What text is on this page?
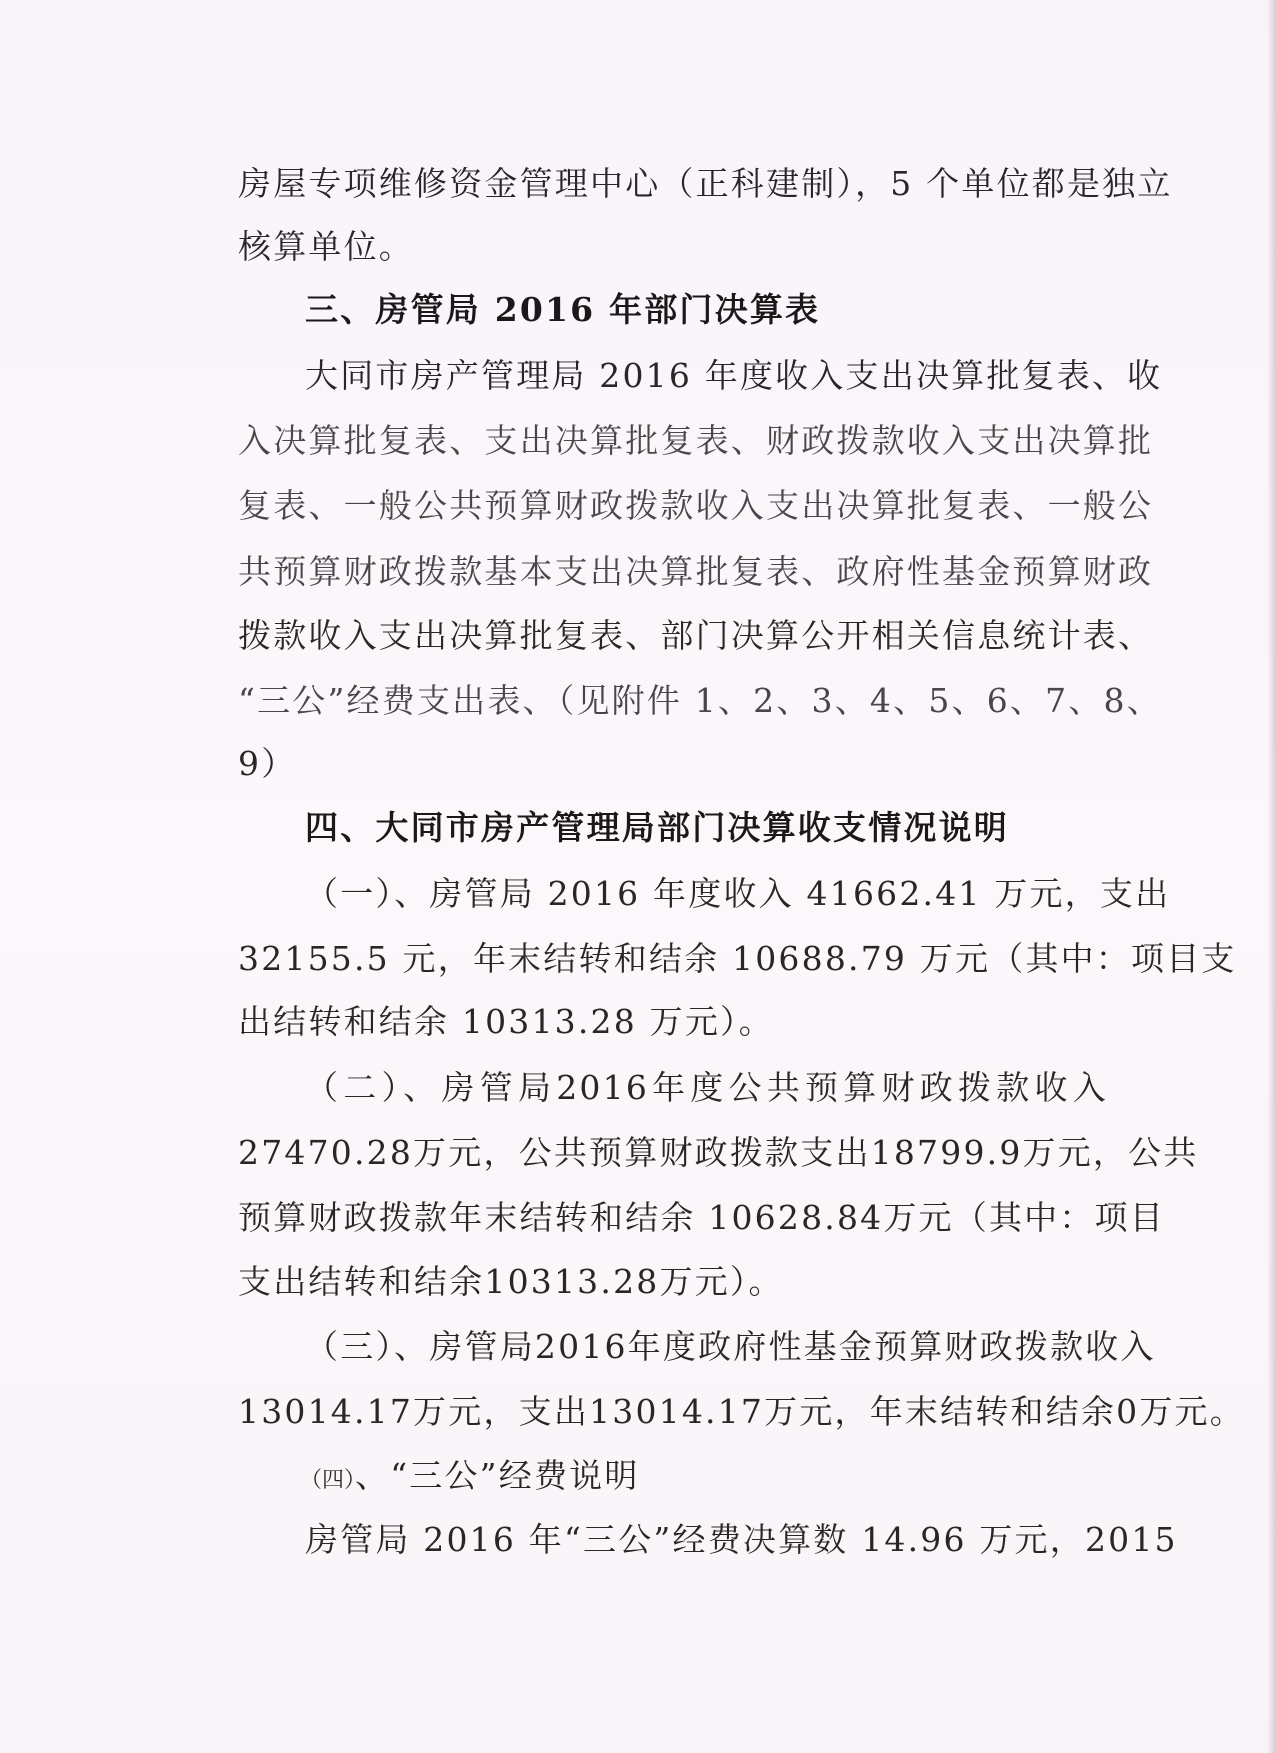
房屋专项维修资金管理中心（正科建制），5 个单位都是独立
核算单位。
三、房管局 2016 年部门决算表
大同市房产管理局 2016 年度收入支出决算批复表、收
入决算批复表、支出决算批复表、财政拨款收入支出决算批
复表、一般公共预算财政拨款收入支出决算批复表、一般公
共预算财政拨款基本支出决算批复表、政府性基金预算财政
拨款收入支出决算批复表、部门决算公开相关信息统计表、
“三公”经费支出表、（见附件 1、2、3、4、5、6、7、8、
9）
四、大同市房产管理局部门决算收支情况说明
（一）、房管局 2016 年度收入 41662.41 万元，支出
32155.5 元，年末结转和结余 10688.79 万元（其中：项目支
出结转和结余 10313.28 万元）。
（二）、房管局2016年度公共预算财政拨款收入
27470.28万元，公共预算财政拨款支出18799.9万元，公共
预算财政拨款年末结转和结余 10628.84万元（其中：项目
支出结转和结余10313.28万元）。
（三）、房管局2016年度政府性基金预算财政拨款收入
13014.17万元，支出13014.17万元，年末结转和结余0万元。
（四）、“三公”经费说明
房管局 2016 年“三公”经费决算数 14.96 万元，2015
